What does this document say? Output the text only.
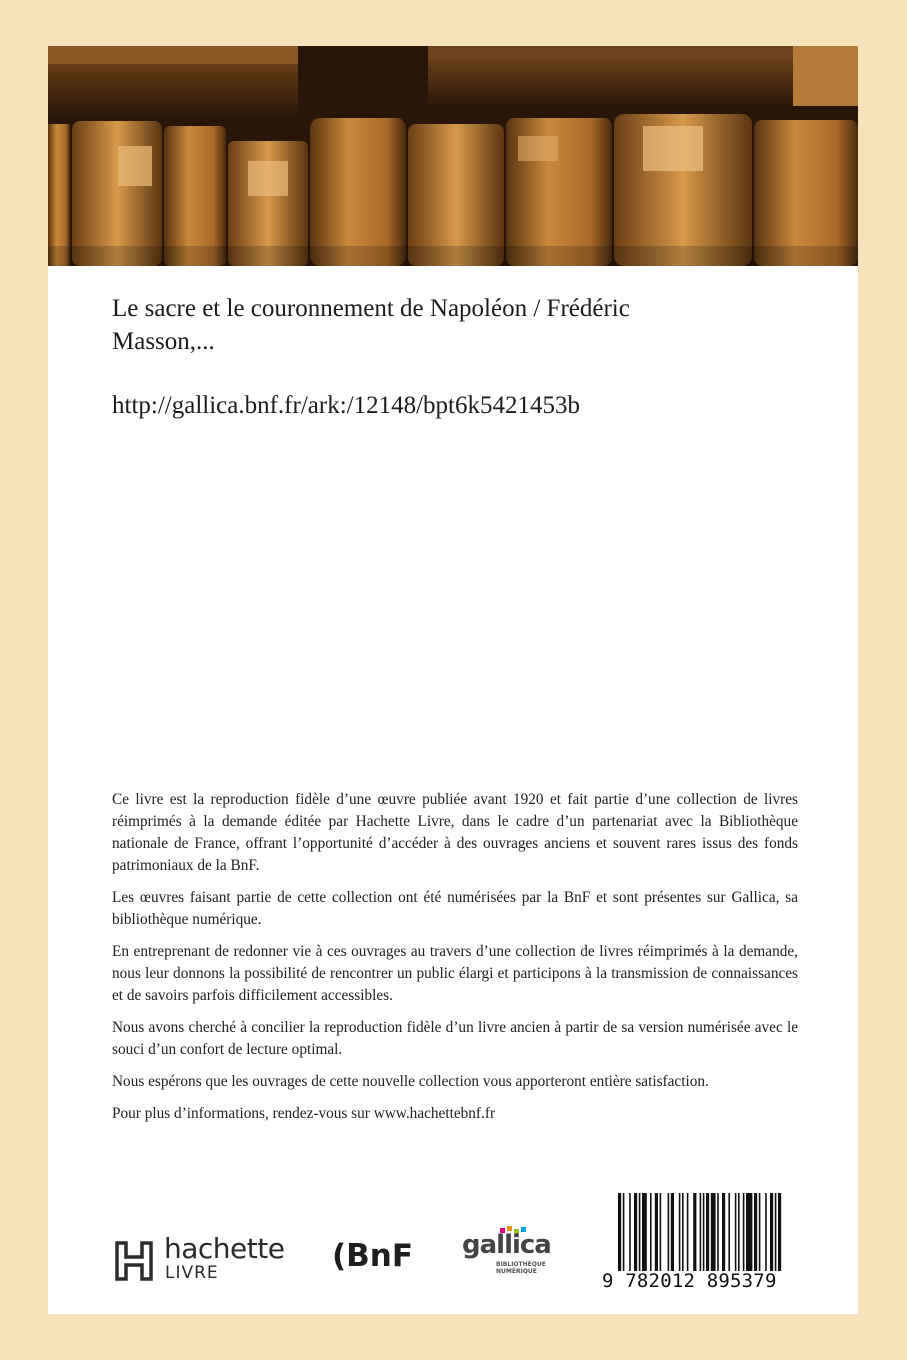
Le sacre et le couronnement de Napoléon / Frédéric

Masson,...

http://gallica.bnf.fr/ark:/12148/bpt6k5421453b

Ce livre est la reproduction fidèle d’une œuvre publiée avant 1920 et fait partie d’une collection de livres réimprimés à la demande éditée par Hachette Livre, dans le cadre d’un partenariat avec la Bibliothèque nationale de France, offrant l’opportunité d’accéder à des ouvrages anciens et souvent rares issus des fonds patrimoniaux de la BnF.

Les œuvres faisant partie de cette collection ont été numérisées par la BnF et sont présentes sur Gallica, sa bibliothèque numérique.

En entreprenant de redonner vie à ces ouvrages au travers d’une collection de livres réimprimés à la demande, nous leur donnons la possibilité de rencontrer un public élargi et participons à la transmission de connaissances et de savoirs parfois difficilement accessibles.

Nous avons cherché à concilier la reproduction fidèle d’un livre ancien à partir de sa version numérisée avec le souci d’un confort de lecture optimal.

Nous espérons que les ouvrages de cette nouvelle collection vous apporteront entière satisfaction.

Pour plus d’informations, rendez-vous sur www.hachettebnf.fr

hachette
LIVRE	(BnF gallica
BIBLIOTHÈQUE NUMÉRIQUE	9 782012 895379
